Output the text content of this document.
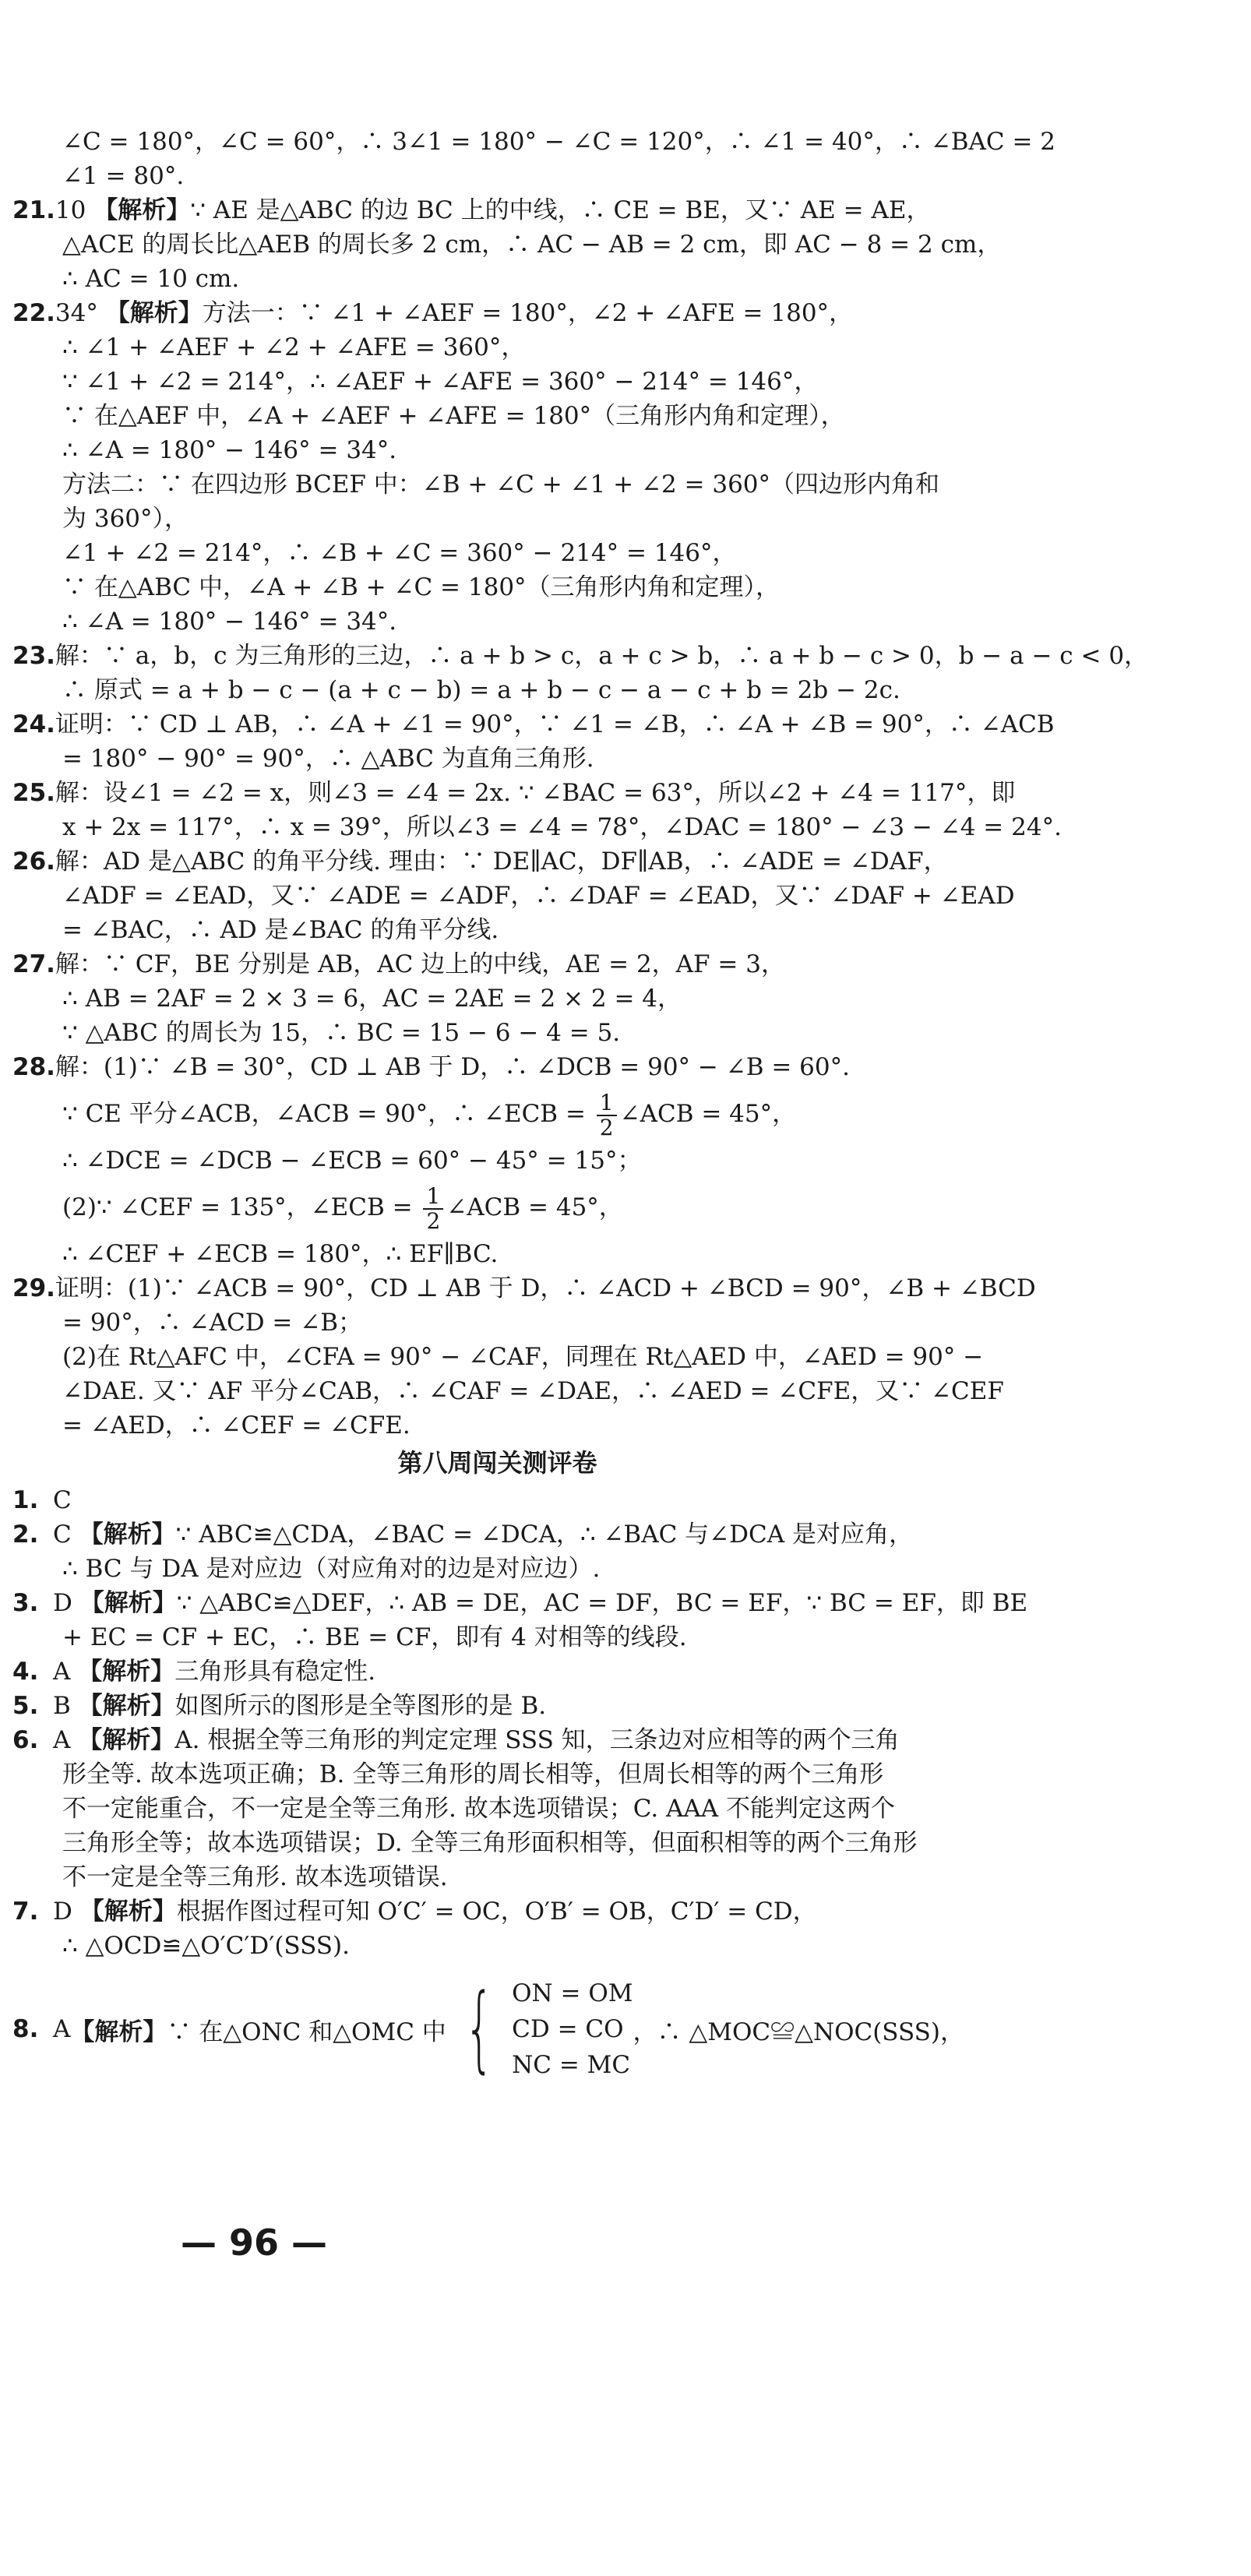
∠C = 180°，∠C = 60°，∴ 3∠1 = 180° − ∠C = 120°，∴ ∠1 = 40°，∴ ∠BAC = 2
∠1 = 80°.
21.10 【解析】∵ AE 是△ABC 的边 BC 上的中线，∴ CE = BE，又∵ AE = AE，
△ACE 的周长比△AEB 的周长多 2 cm，∴ AC − AB = 2 cm，即 AC − 8 = 2 cm，
∴ AC = 10 cm.
22.34° 【解析】方法一：∵ ∠1 + ∠AEF = 180°，∠2 + ∠AFE = 180°，
∴ ∠1 + ∠AEF + ∠2 + ∠AFE = 360°，
∵ ∠1 + ∠2 = 214°，∴ ∠AEF + ∠AFE = 360° − 214° = 146°，
∵ 在△AEF 中，∠A + ∠AEF + ∠AFE = 180°（三角形内角和定理），
∴ ∠A = 180° − 146° = 34°.
方法二：∵ 在四边形 BCEF 中：∠B + ∠C + ∠1 + ∠2 = 360°（四边形内角和
为 360°），
∠1 + ∠2 = 214°，∴ ∠B + ∠C = 360° − 214° = 146°，
∵ 在△ABC 中，∠A + ∠B + ∠C = 180°（三角形内角和定理），
∴ ∠A = 180° − 146° = 34°.
23.解：∵ a，b，c 为三角形的三边，∴ a + b > c，a + c > b，∴ a + b − c > 0，b − a − c < 0，
∴ 原式 = a + b − c − (a + c − b) = a + b − c − a − c + b = 2b − 2c.
24.证明：∵ CD ⊥ AB，∴ ∠A + ∠1 = 90°，∵ ∠1 = ∠B，∴ ∠A + ∠B = 90°，∴ ∠ACB
= 180° − 90° = 90°，∴ △ABC 为直角三角形.
25.解：设∠1 = ∠2 = x，则∠3 = ∠4 = 2x. ∵ ∠BAC = 63°，所以∠2 + ∠4 = 117°，即
x + 2x = 117°，∴ x = 39°，所以∠3 = ∠4 = 78°，∠DAC = 180° − ∠3 − ∠4 = 24°.
26.解：AD 是△ABC 的角平分线. 理由：∵ DE∥AC，DF∥AB，∴ ∠ADE = ∠DAF，
∠ADF = ∠EAD，又∵ ∠ADE = ∠ADF，∴ ∠DAF = ∠EAD，又∵ ∠DAF + ∠EAD
= ∠BAC，∴ AD 是∠BAC 的角平分线.
27.解：∵ CF，BE 分别是 AB，AC 边上的中线，AE = 2，AF = 3，
∴ AB = 2AF = 2 × 3 = 6，AC = 2AE = 2 × 2 = 4，
∵ △ABC 的周长为 15，∴ BC = 15 − 6 − 4 = 5.
28.解：(1)∵ ∠B = 30°，CD ⊥ AB 于 D，∴ ∠DCB = 90° − ∠B = 60°.
∵ CE 平分∠ACB，∠ACB = 90°，∴ ∠ECB = $\frac{1}{2}$ ∠ACB = 45°，
∴ ∠DCE = ∠DCB − ∠ECB = 60° − 45° = 15°；
(2)∵ ∠CEF = 135°，∠ECB = $\frac{1}{2}$ ∠ACB = 45°，
∴ ∠CEF + ∠ECB = 180°，∴ EF∥BC.
29.证明：(1)∵ ∠ACB = 90°，CD ⊥ AB 于 D，∴ ∠ACD + ∠BCD = 90°，∠B + ∠BCD
= 90°，∴ ∠ACD = ∠B；
(2)在 Rt△AFC 中，∠CFA = 90° − ∠CAF，同理在 Rt△AED 中，∠AED = 90° −
∠DAE. 又∵ AF 平分∠CAB，∴ ∠CAF = ∠DAE，∴ ∠AED = ∠CFE，又∵ ∠CEF
= ∠AED，∴ ∠CEF = ∠CFE.
第八周闯关测评卷
1. C
2. C 【解析】∵ ABC≌△CDA，∠BAC = ∠DCA，∴ ∠BAC 与∠DCA 是对应角，
∴ BC 与 DA 是对应边（对应角对的边是对应边）.
3. D 【解析】∵ △ABC≌△DEF，∴ AB = DE，AC = DF，BC = EF，∵ BC = EF，即 BE
+ EC = CF + EC，∴ BE = CF，即有 4 对相等的线段.
4. A 【解析】三角形具有稳定性.
5. B 【解析】如图所示的图形是全等图形的是 B.
6. A 【解析】A. 根据全等三角形的判定定理 SSS 知，三条边对应相等的两个三角
形全等. 故本选项正确；B. 全等三角形的周长相等，但周长相等的两个三角形
不一定能重合，不一定是全等三角形. 故本选项错误；C. AAA 不能判定这两个
三角形全等；故本选项错误；D. 全等三角形面积相等，但面积相等的两个三角形
不一定是全等三角形. 故本选项错误.
7. D 【解析】根据作图过程可知 O′C′ = OC，O′B′ = OB，C′D′ = CD，
∴ △OCD≌△O′C′D′(SSS).
8. A 【解析】 ∵ 在△ONC 和△OMC 中 { ON = OM
CD = CO
NC = MC
，∴ △MOC≌△NOC(SSS)，
— 96 —
